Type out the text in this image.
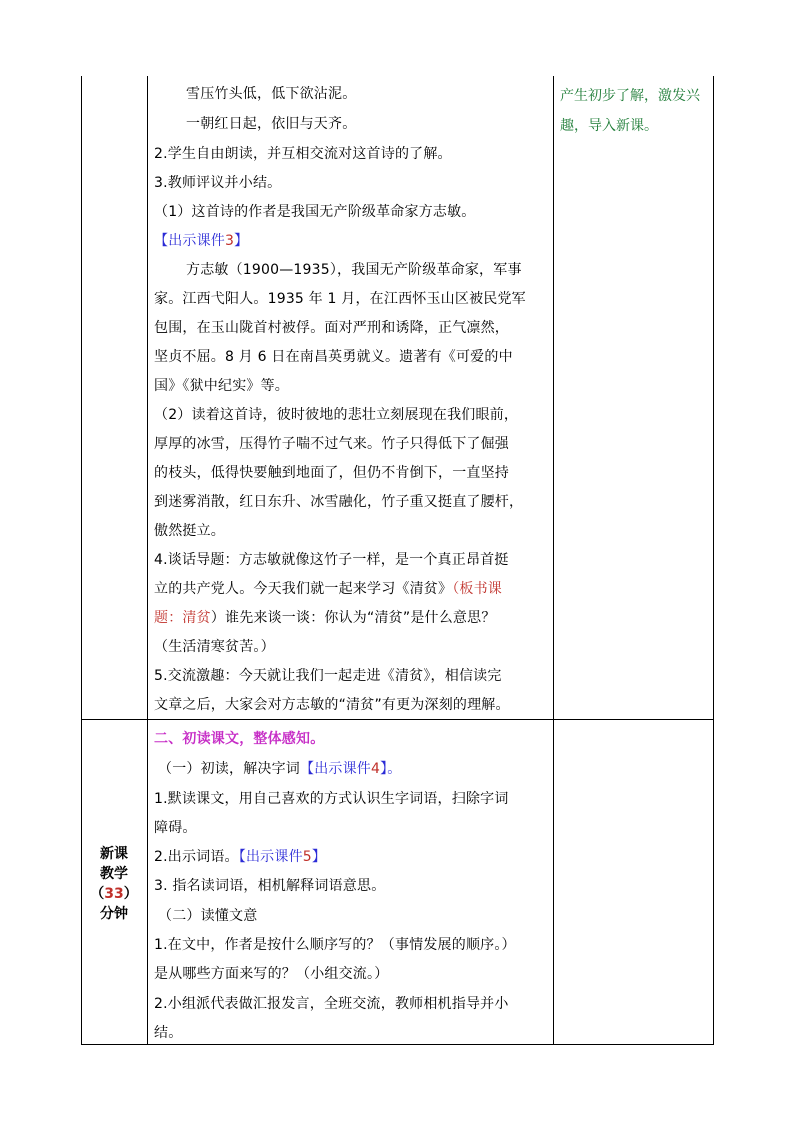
产生初步了解，激发兴
趣，导入新课。
新课
教学
（33）
分钟
雪压竹头低，低下欲沾泥。
一朝红日起，依旧与天齐。
2.学生自由朗读，并互相交流对这首诗的了解。
3.教师评议并小结。
（1）这首诗的作者是我国无产阶级革命家方志敏。
【出示课件3】
方志敏（1900—1935），我国无产阶级革命家，军事
家。江西弋阳人。1935 年 1 月，在江西怀玉山区被民党军
包围，在玉山陇首村被俘。面对严刑和诱降，正气凛然，
坚贞不屈。8 月 6 日在南昌英勇就义。遗著有《可爱的中
国》《狱中纪实》等。
（2）读着这首诗，彼时彼地的悲壮立刻展现在我们眼前，
厚厚的冰雪，压得竹子喘不过气来。竹子只得低下了倔强
的枝头，低得快要触到地面了，但仍不肯倒下，一直坚持
到迷雾消散，红日东升、冰雪融化，竹子重又挺直了腰杆，
傲然挺立。
4.谈话导题：方志敏就像这竹子一样，是一个真正昂首挺
立的共产党人。今天我们就一起来学习《清贫》（板书课
题：清贫）谁先来谈一谈：你认为“清贫”是什么意思？
（生活清寒贫苦。）
5.交流激趣：今天就让我们一起走进《清贫》，相信读完
文章之后，大家会对方志敏的“清贫”有更为深刻的理解。
二、初读课文，整体感知。
（一）初读，解决字词【出示课件4】。
1.默读课文，用自己喜欢的方式认识生字词语，扫除字词
障碍。
2.出示词语。【出示课件5】
3. 指名读词语，相机解释词语意思。
（二）读懂文意
1.在文中，作者是按什么顺序写的？（事情发展的顺序。）
是从哪些方面来写的？（小组交流。）
2.小组派代表做汇报发言，全班交流，教师相机指导并小
结。
